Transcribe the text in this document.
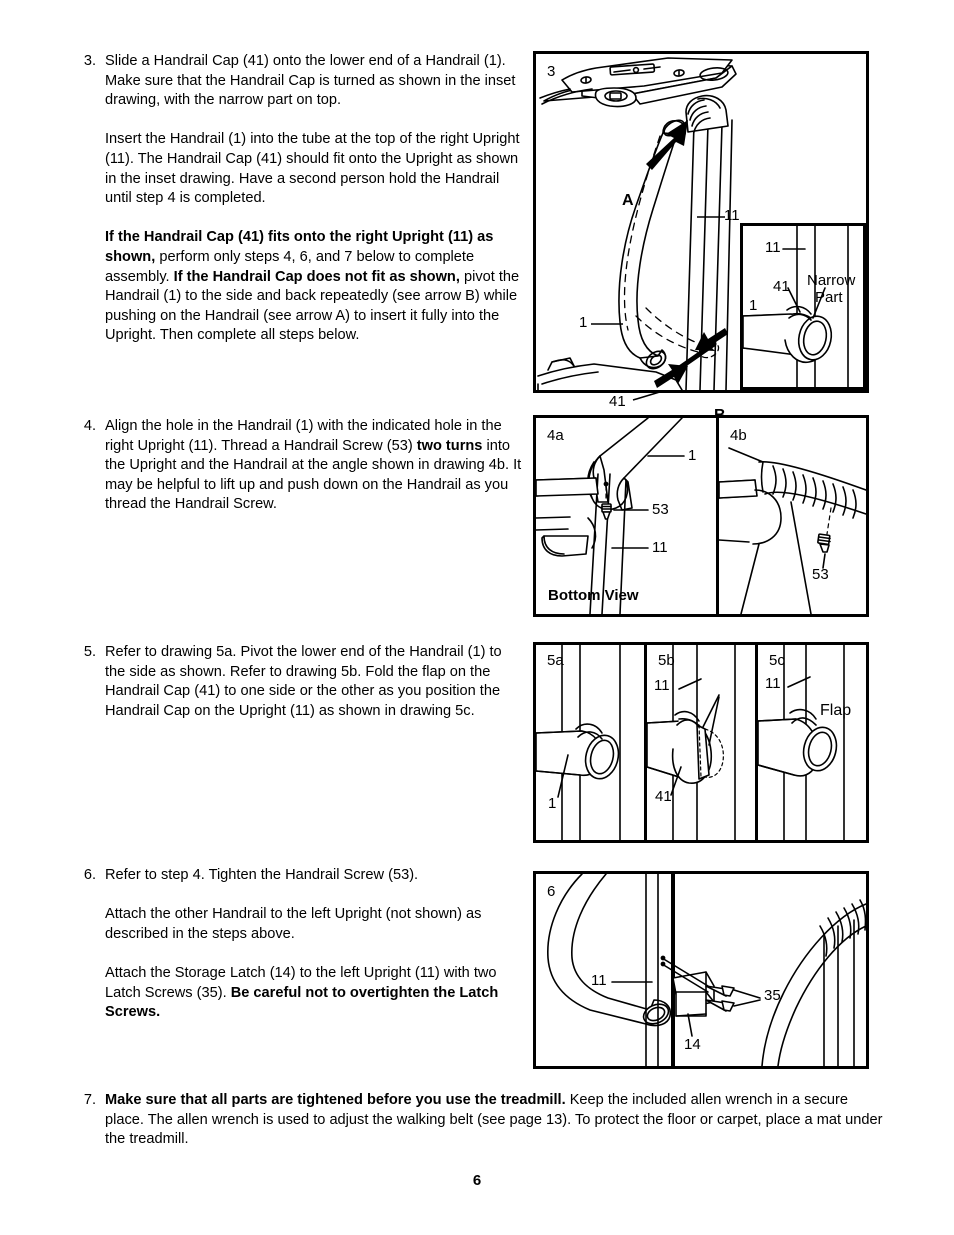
3. Slide a Handrail Cap (41) onto the lower end of a Handrail (1). Make sure that the Handrail Cap is turned as shown in the inset drawing, with the narrow part on top.

Insert the Handrail (1) into the tube at the top of the right Upright (11). The Handrail Cap (41) should fit onto the Upright as shown in the inset drawing. Have a second person hold the Handrail until step 4 is completed.

If the Handrail Cap (41) fits onto the right Upright (11) as shown, perform only steps 4, 6, and 7 below to complete assembly. If the Handrail Cap does not fit as shown, pivot the Handrail (1) to the side and back repeatedly (see arrow B) while pushing on the Handrail (see arrow A) to insert it fully into the Upright. Then complete all steps below.

4. Align the hole in the Handrail (1) with the indicated hole in the right Upright (11). Thread a Handrail Screw (53) two turns into the Upright and the Handrail at the angle shown in drawing 4b. It may be helpful to lift up and push down on the Handrail as you thread the Handrail Screw.

5. Refer to drawing 5a. Pivot the lower end of the Handrail (1) to the side as shown. Refer to drawing 5b. Fold the flap on the Handrail Cap (41) to one side or the other as you position the Handrail Cap on the Upright (11) as shown in drawing 5c.

6. Refer to step 4. Tighten the Handrail Screw (53).

Attach the other Handrail to the left Upright (not shown) as described in the steps above.

Attach the Storage Latch (14) to the left Upright (11) with two Latch Screws (35). Be careful not to overtighten the Latch Screws.

7. Make sure that all parts are tightened before you use the treadmill. Keep the included allen wrench in a secure place. The allen wrench is used to adjust the walking belt (see page 13). To protect the floor or carpet, place a mat under the treadmill.

3
A
11
1
41
11
41
1
Narrow
Part
4a
1
53
11
Bottom View
4b
53
5a
1
5b
11
Flap
41
5c
11
6
11
35
14
6
